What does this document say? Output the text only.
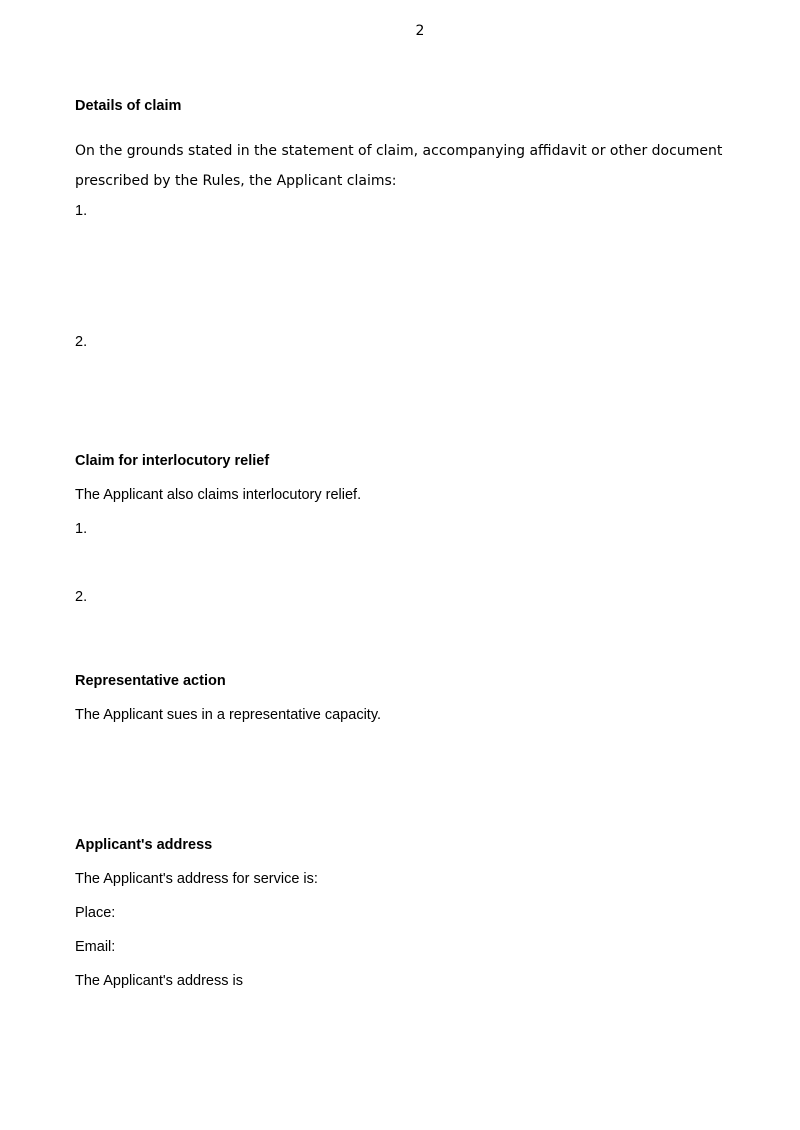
2
Details of claim
On the grounds stated in the statement of claim, accompanying affidavit or other document prescribed by the Rules, the Applicant claims:
1.
2.
Claim for interlocutory relief
The Applicant also claims interlocutory relief.
1.
2.
Representative action
The Applicant sues in a representative capacity.
Applicant's address
The Applicant's address for service is:
Place:
Email:
The Applicant's address is
